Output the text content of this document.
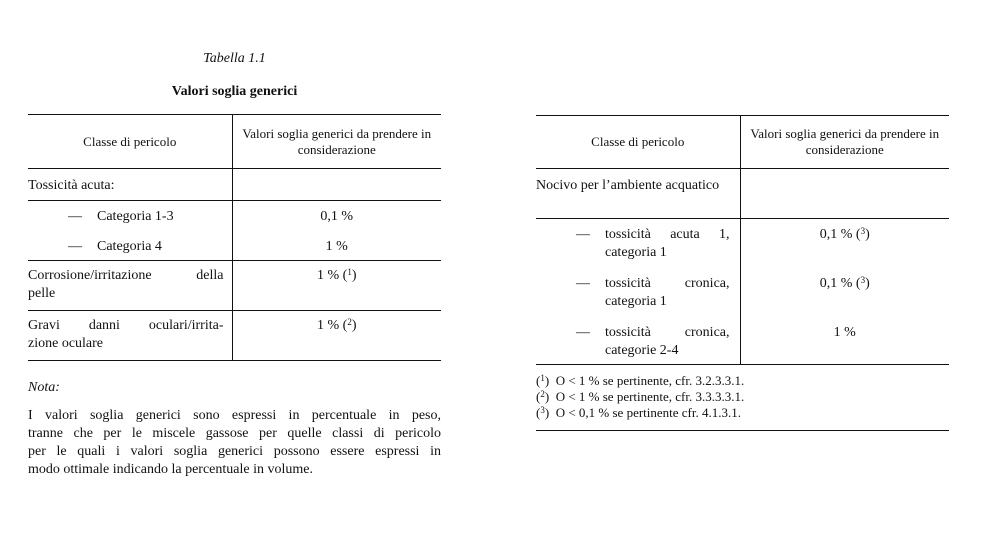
Tabella 1.1
Valori soglia generici
Classe di pericolo	Valori soglia generici da prendere in considerazione
Tossicità acuta:	
— Categoria 1-3	0,1 %
— Categoria 4	1 %

Corrosione/irritazione della
pelle	1 % ($^1$)

Gravi danni oculari/irrita-
zione oculare	1 % ($^2$)
Nota:
I valori soglia generici sono espressi in percentuale in peso,
tranne che per le miscele gassose per quelle classi di pericolo
per le quali i valori soglia generici possono essere espressi in
modo ottimale indicando la percentuale in volume.
Classe di pericolo	Valori soglia generici da prendere in considerazione
Nocivo per l’ambiente acquatico	

— tossicità acuta 1,
categoria 1	0,1 % ($^3$)

— tossicità cronica,
categoria 1	0,1 % ($^3$)

— tossicità cronica,
categorie 2-4	1 %
($^1$)  O < 1 % se pertinente, cfr. 3.2.3.3.1.
($^2$)  O < 1 % se pertinente, cfr. 3.3.3.3.1.
($^3$)  O < 0,1 % se pertinente cfr. 4.1.3.1.
